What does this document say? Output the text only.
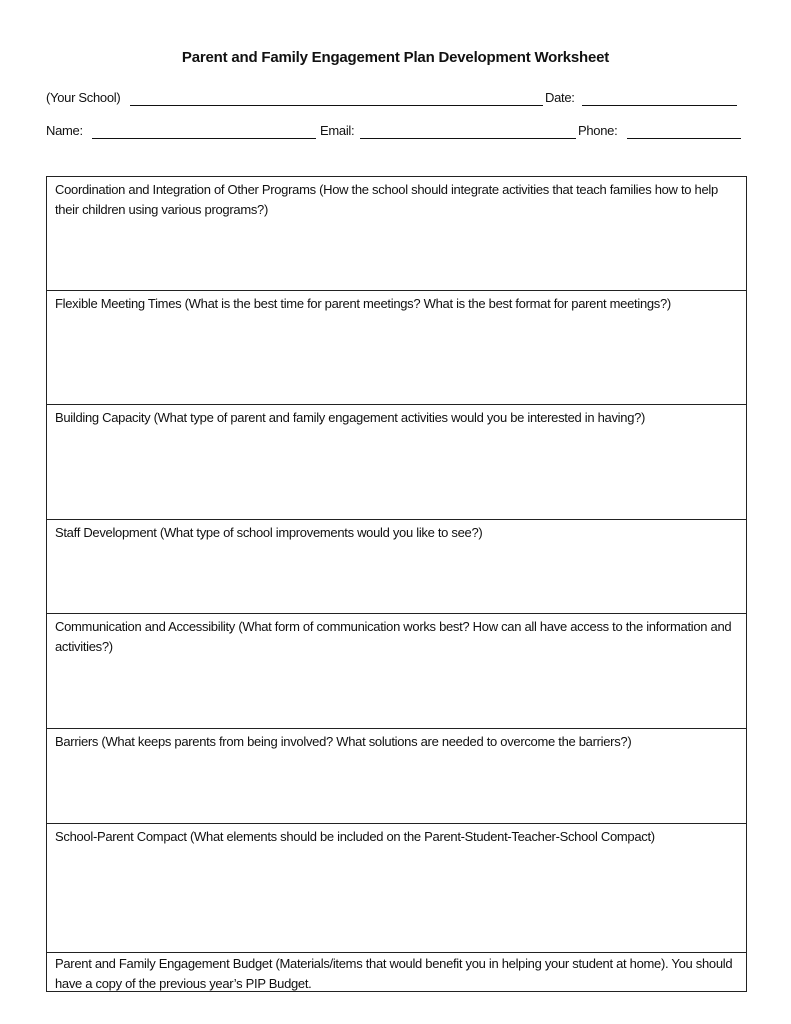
Parent and Family Engagement Plan Development Worksheet
(Your School)	Date:
Name:	Email:	Phone:
Coordination and Integration of Other Programs (How the school should integrate activities that teach families how to help their children using various programs?)
Flexible Meeting Times (What is the best time for parent meetings? What is the best format for parent meetings?)
Building Capacity (What type of parent and family engagement activities would you be interested in having?)
Staff Development (What type of school improvements would you like to see?)
Communication and Accessibility (What form of communication works best? How can all have access to the information and activities?)
Barriers (What keeps parents from being involved? What solutions are needed to overcome the barriers?)
School-Parent Compact (What elements should be included on the Parent-Student-Teacher-School Compact)
Parent and Family Engagement Budget (Materials/items that would benefit you in helping your student at home). You should have a copy of the previous year’s PIP Budget.
